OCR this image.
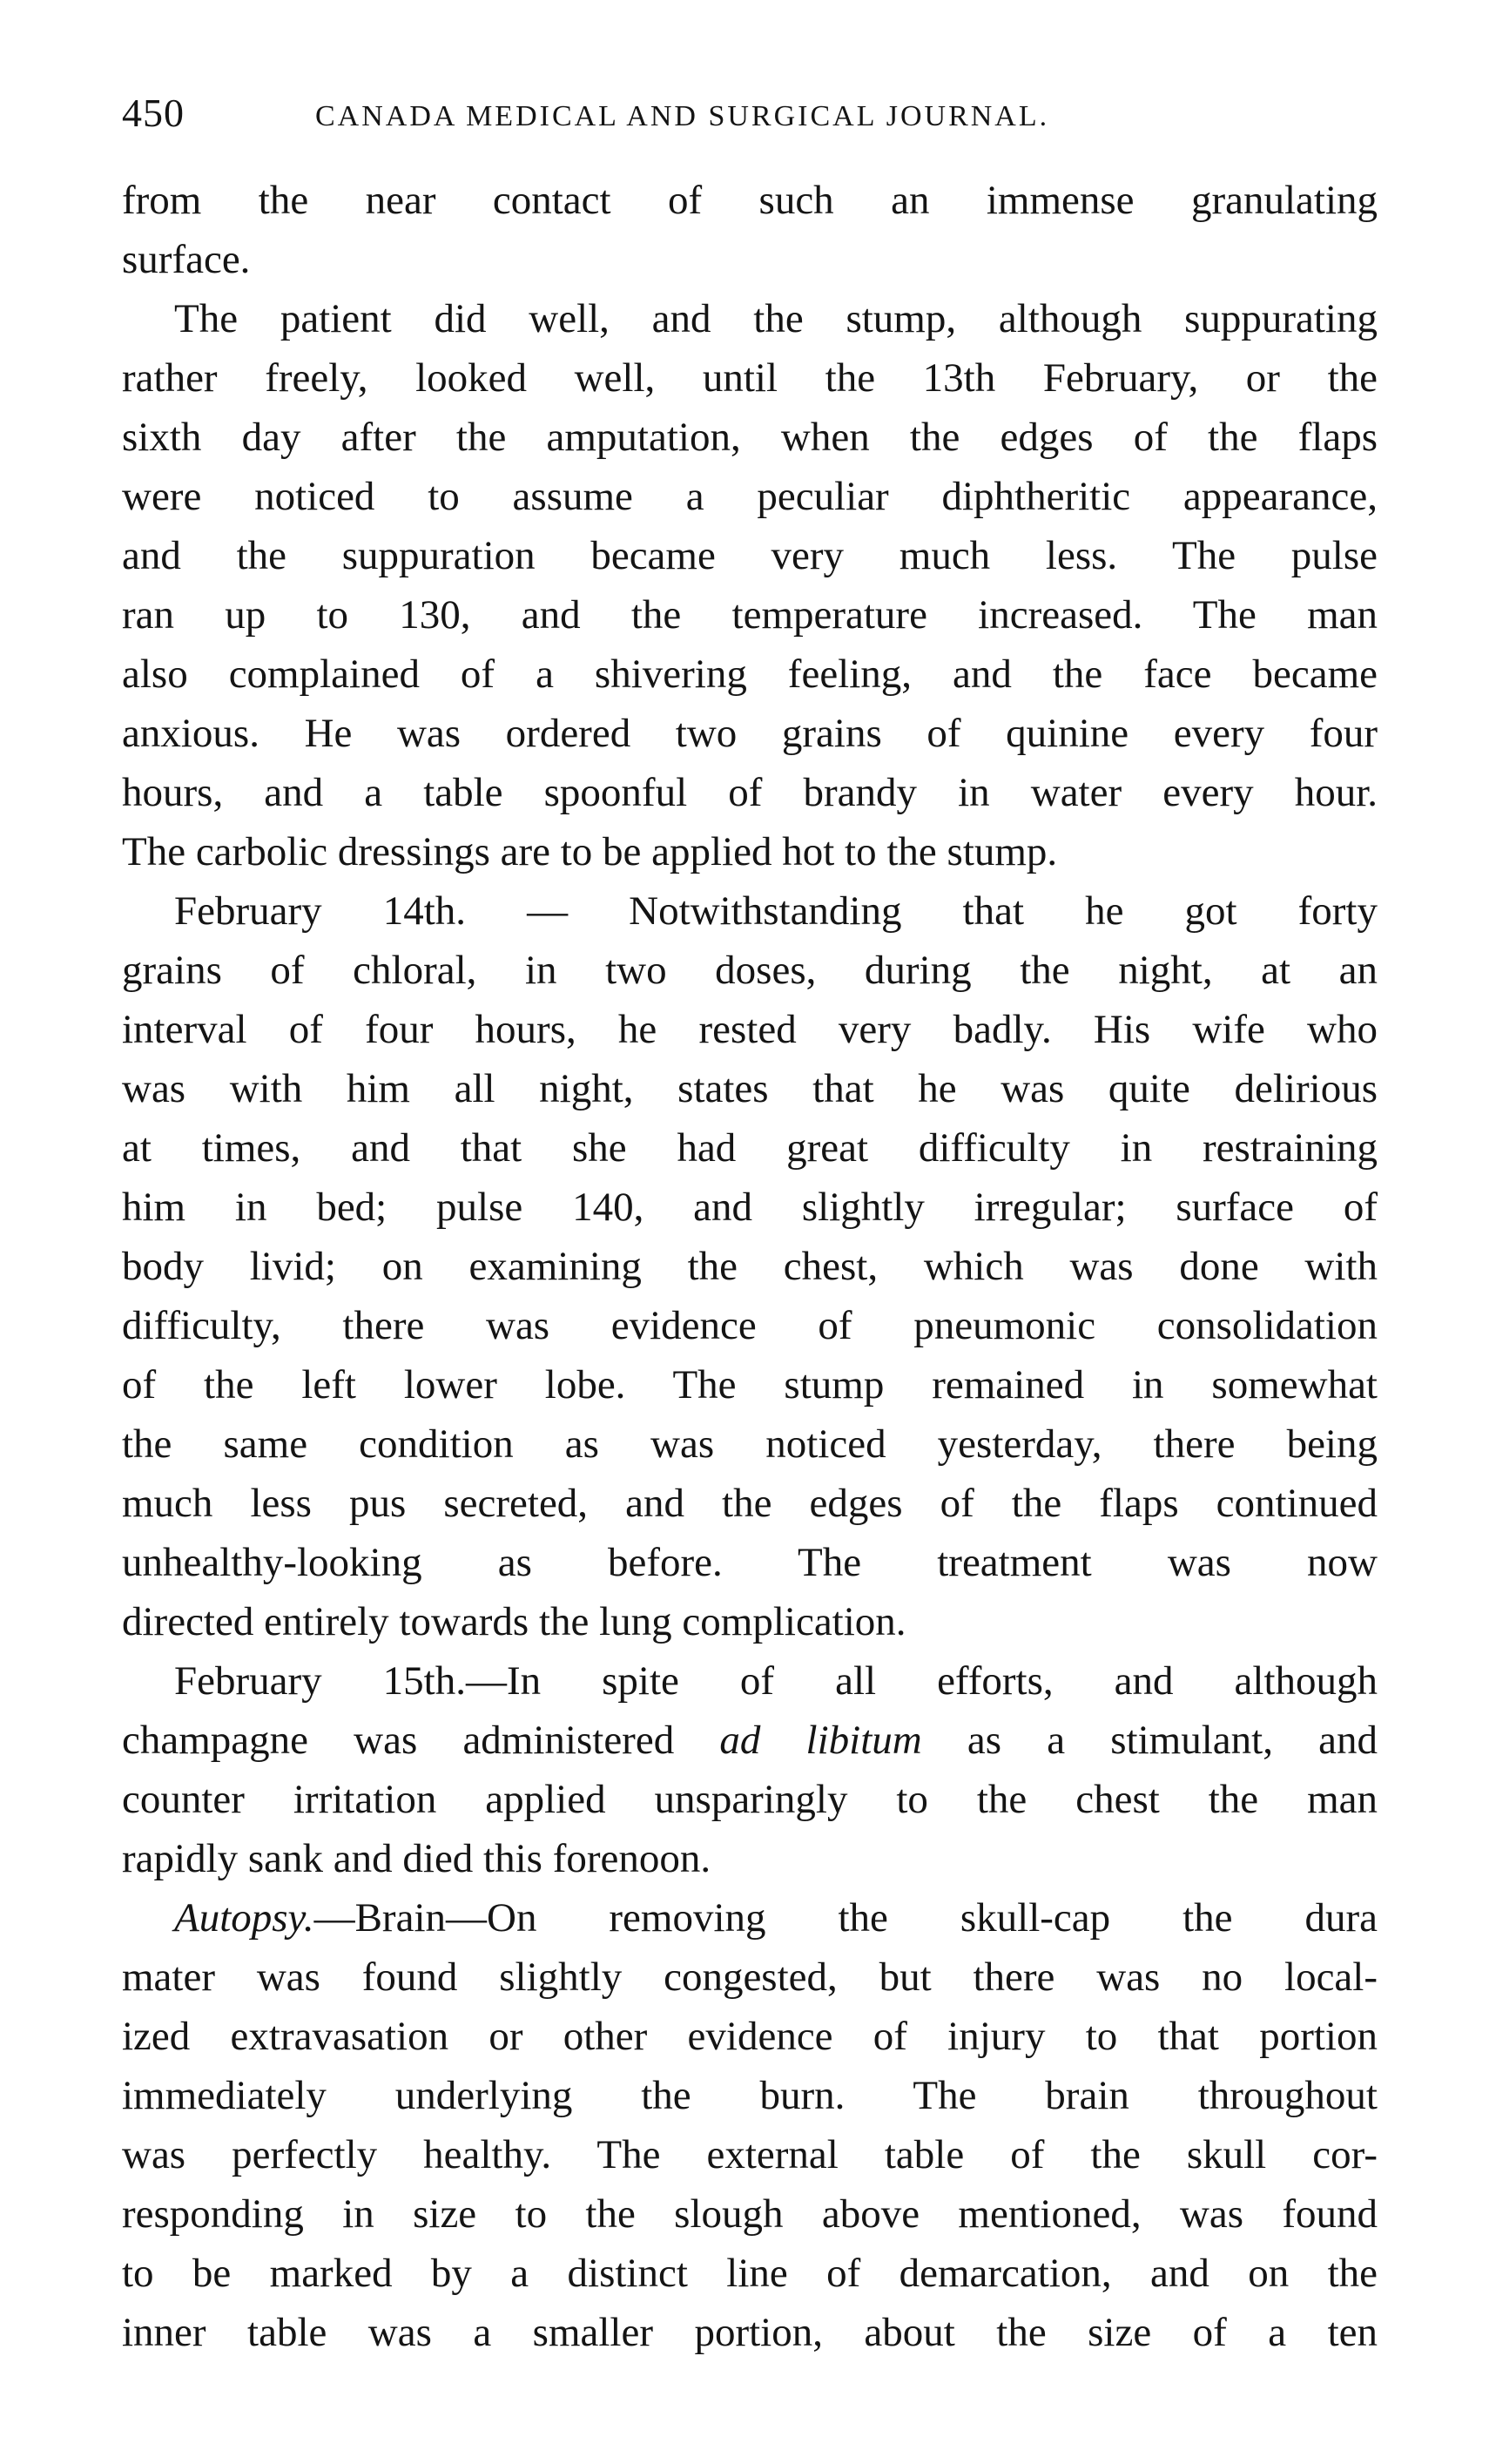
450	CANADA MEDICAL AND SURGICAL JOURNAL.
from the near contact of such an immense granulating
surface.
The patient did well, and the stump, although suppurating
rather freely, looked well, until the 13th February, or the
sixth day after the amputation, when the edges of the flaps
were noticed to assume a peculiar diphtheritic appearance,
and the suppuration became very much less. The pulse
ran up to 130, and the temperature increased. The man
also complained of a shivering feeling, and the face became
anxious. He was ordered two grains of quinine every four
hours, and a table spoonful of brandy in water every hour.
The carbolic dressings are to be applied hot to the stump.
February 14th. — Notwithstanding that he got forty
grains of chloral, in two doses, during the night, at an
interval of four hours, he rested very badly. His wife who
was with him all night, states that he was quite delirious
at times, and that she had great difficulty in restraining
him in bed; pulse 140, and slightly irregular; surface of
body livid; on examining the chest, which was done with
difficulty, there was evidence of pneumonic consolidation
of the left lower lobe. The stump remained in somewhat
the same condition as was noticed yesterday, there being
much less pus secreted, and the edges of the flaps continued
unhealthy-looking as before. The treatment was now
directed entirely towards the lung complication.
February 15th.—In spite of all efforts, and although
champagne was administered ad libitum as a stimulant, and
counter irritation applied unsparingly to the chest the man
rapidly sank and died this forenoon.
Autopsy.—Brain—On removing the skull-cap the dura
mater was found slightly congested, but there was no local-
ized extravasation or other evidence of injury to that portion
immediately underlying the burn. The brain throughout
was perfectly healthy. The external table of the skull cor-
responding in size to the slough above mentioned, was found
to be marked by a distinct line of demarcation, and on the
inner table was a smaller portion, about the size of a ten
